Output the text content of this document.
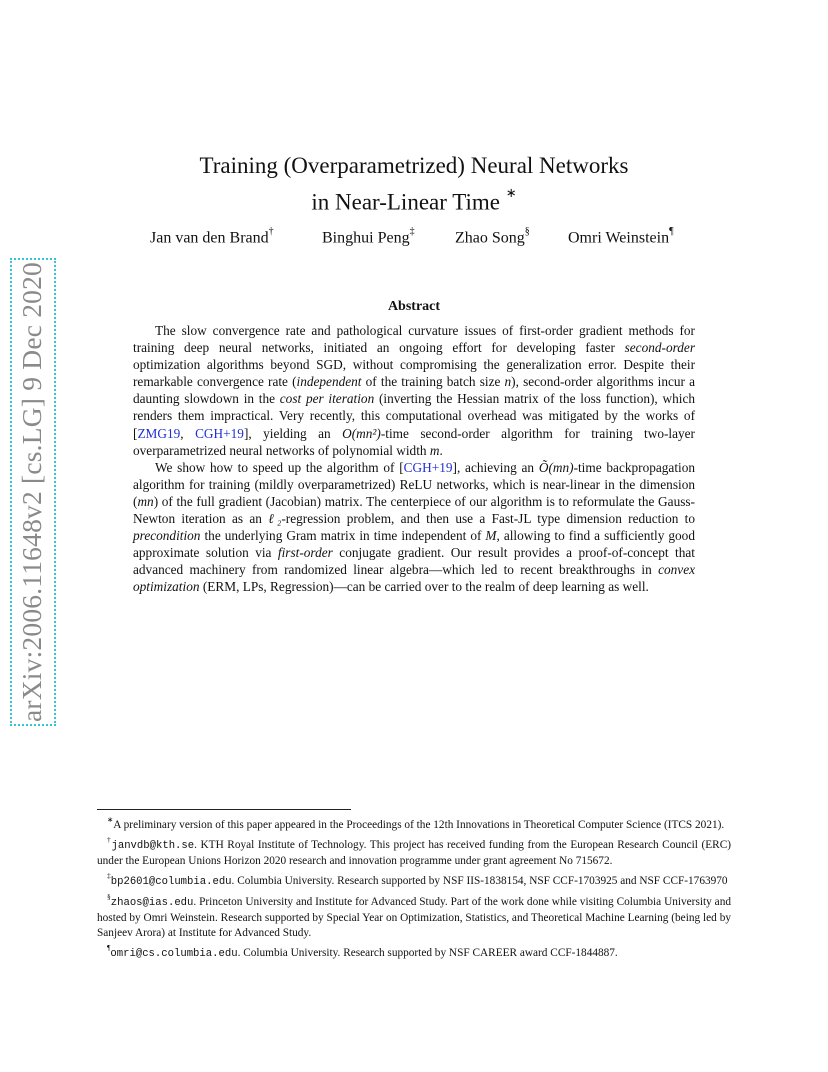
arXiv:2006.11648v2 [cs.LG] 9 Dec 2020
Training (Overparametrized) Neural Networks
in Near-Linear Time ∗
Jan van den Brand†	Binghui Peng‡	Zhao Song§ Omri Weinstein¶
Abstract

The slow convergence rate and pathological curvature issues of first-order gradient methods for training deep neural networks, initiated an ongoing effort for developing faster second-order optimization algorithms beyond SGD, without compromising the generalization error. Despite their remarkable convergence rate (independent of the training batch size n), second-order algorithms incur a daunting slowdown in the cost per iteration (inverting the Hessian matrix of the loss function), which renders them impractical. Very recently, this computational overhead was mitigated by the works of [ZMG19, CGH+19], yielding an O(mn²)-time second-order algorithm for training two-layer overparametrized neural networks of polynomial width m.

We show how to speed up the algorithm of [CGH+19], achieving an Õ(mn)-time backpropagation algorithm for training (mildly overparametrized) ReLU networks, which is near-linear in the dimension (mn) of the full gradient (Jacobian) matrix. The centerpiece of our algorithm is to reformulate the Gauss-Newton iteration as an ℓ₂-regression problem, and then use a Fast-JL type dimension reduction to precondition the underlying Gram matrix in time independent of M, allowing to find a sufficiently good approximate solution via first-order conjugate gradient. Our result provides a proof-of-concept that advanced machinery from randomized linear algebra—which led to recent breakthroughs in convex optimization (ERM, LPs, Regression)—can be carried over to the realm of deep learning as well.

∗A preliminary version of this paper appeared in the Proceedings of the 12th Innovations in Theoretical Computer Science (ITCS 2021).

†janvdb@kth.se. KTH Royal Institute of Technology. This project has received funding from the European Research Council (ERC) under the European Unions Horizon 2020 research and innovation programme under grant agreement No 715672.

‡bp2601@columbia.edu. Columbia University. Research supported by NSF IIS-1838154, NSF CCF-1703925 and NSF CCF-1763970

§zhaos@ias.edu. Princeton University and Institute for Advanced Study. Part of the work done while visiting Columbia University and hosted by Omri Weinstein. Research supported by Special Year on Optimization, Statistics, and Theoretical Machine Learning (being led by Sanjeev Arora) at Institute for Advanced Study.

¶omri@cs.columbia.edu. Columbia University. Research supported by NSF CAREER award CCF-1844887.
